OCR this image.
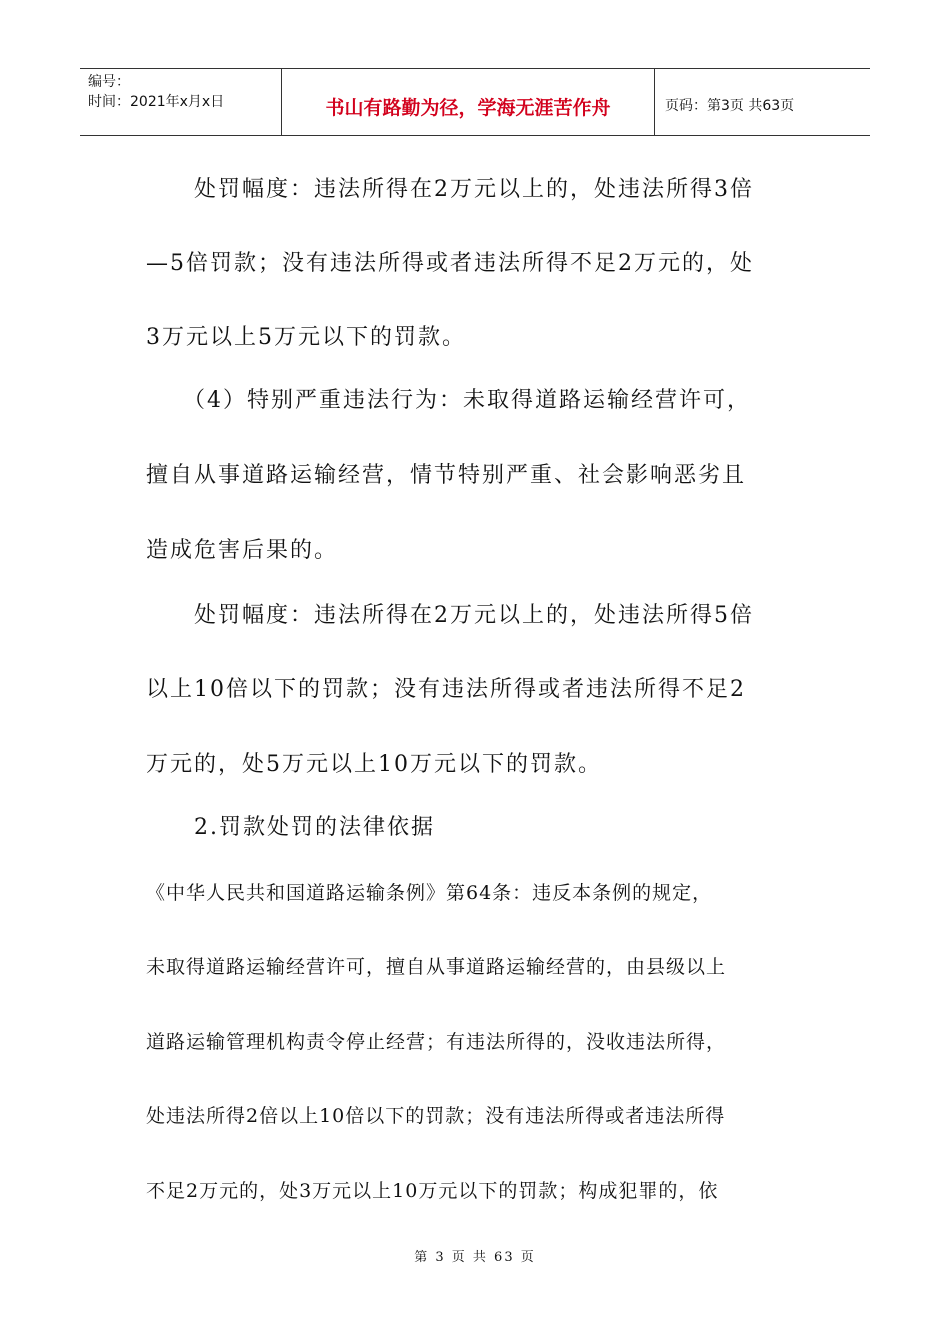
编号：
时间：2021年x月x日	书山有路勤为径，学海无涯苦作舟	页码：第3页 共63页
　　处罚幅度：违法所得在2万元以上的，处违法所得3倍
—5倍罚款；没有违法所得或者违法所得不足2万元的，处
3万元以上5万元以下的罚款。
　　（4）特别严重违法行为：未取得道路运输经营许可，
擅自从事道路运输经营，情节特别严重、社会影响恶劣且
造成危害后果的。
　　处罚幅度：违法所得在2万元以上的，处违法所得5倍
以上10倍以下的罚款；没有违法所得或者违法所得不足2
万元的，处5万元以上10万元以下的罚款。
　　2.罚款处罚的法律依据
《中华人民共和国道路运输条例》第64条：违反本条例的规定，
未取得道路运输经营许可，擅自从事道路运输经营的，由县级以上
道路运输管理机构责令停止经营；有违法所得的，没收违法所得，
处违法所得2倍以上10倍以下的罚款；没有违法所得或者违法所得
不足2万元的，处3万元以上10万元以下的罚款；构成犯罪的，依
第 3 页 共 63 页
